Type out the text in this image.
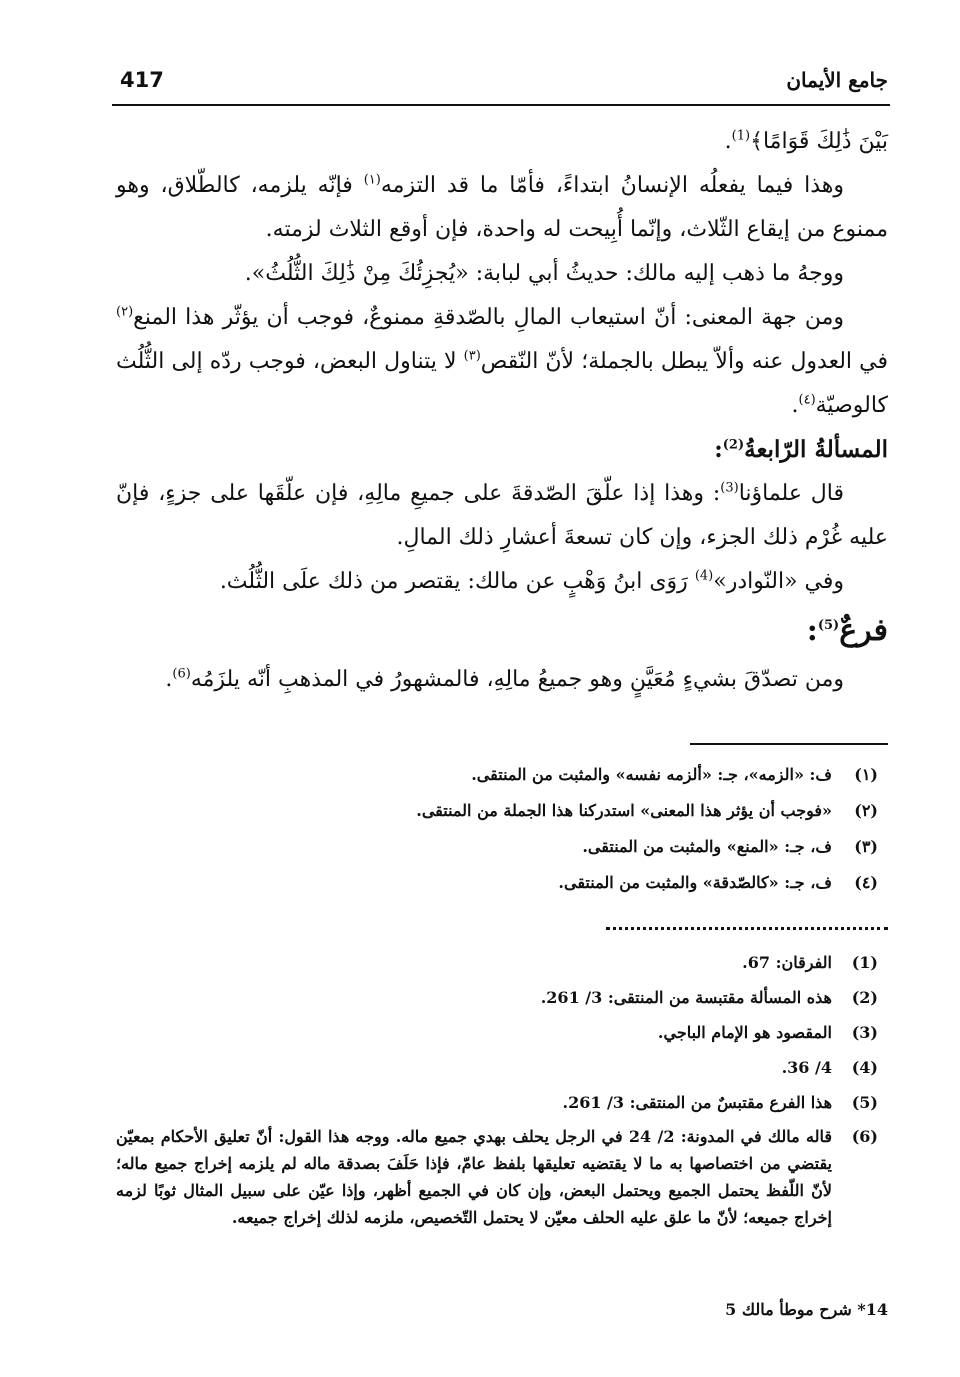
417	جامع الأيمان

بَيْنَ ذَٰلِكَ قَوَامًا﴾$^{(1)}$.

وهذا فيما يفعلُه الإنسانُ ابتداءً، فأمّا ما قد التزمه$^{(١)}$ فإنّه يلزمه، كالطّلاق، وهو ممنوع من إيقاع الثّلاث، وإنّما أُبِيحت له واحدة، فإن أوقع الثلاث لزمته.

ووجهُ ما ذهب إليه مالك: حديثُ أبي لبابة: «يُجزِئُكَ مِنْ ذَٰلِكَ الثُّلُثُ».

ومن جهة المعنى: أنّ استيعاب المالِ بالصّدقةِ ممنوعٌ، فوجب أن يؤثّر هذا المنع$^{(٢)}$ في العدول عنه وألاّ يبطل بالجملة؛ لأنّ النّقص$^{(٣)}$ لا يتناول البعض، فوجب ردّه إلى الثُّلُث كالوصيّة$^{(٤)}$.

المسألةُ الرّابعةُ$^{(2)}$:

قال علماؤنا$^{(3)}$: وهذا إذا علّقَ الصّدقةَ على جميعِ مالِهِ، فإن علّقَها على جزءٍ، فإنّ عليه غُرْم ذلك الجزء، وإن كان تسعةَ أعشارِ ذلك المالِ.

وفي «النّوادر»$^{(4)}$ رَوَى ابنُ وَهْبٍ عن مالك: يقتصر من ذلك علَى الثُّلُث.

فرعٌ$^{(5)}$:

ومن تصدّقَ بشيءٍ مُعَيَّنٍ وهو جميعُ مالِهِ، فالمشهورُ في المذهبِ أنّه يلزَمُه$^{(6)}$.

(١)
ف: «الزمه»، جـ: «ألزمه نفسه» والمثبت من المنتقى.
(٢)
«فوجب أن يؤثر هذا المعنى» استدركنا هذا الجملة من المنتقى.
(٣)
ف، جـ: «المنع» والمثبت من المنتقى.
(٤)
ف، جـ: «كالصّدقة» والمثبت من المنتقى.
(1)
الفرقان: 67.
(2)
هذه المسألة مقتبسة من المنتقى: 3/ 261.
(3)
المقصود هو الإمام الباجي.
(4)
4/ 36.
(5)
هذا الفرع مقتبسٌ من المنتقى: 3/ 261.
(6)
قاله مالك في المدونة: 2/ 24 في الرجل يحلف بهدي جميع ماله. ووجه هذا القول: أنّ تعليق الأحكام بمعيّن يقتضي من اختصاصها به ما لا يقتضيه تعليقها بلفظ عامّ، فإذا حَلَفَ بصدقة ماله لم يلزمه إخراج جميع ماله؛ لأنّ اللّفظ يحتمل الجميع ويحتمل البعض، وإن كان في الجميع أظهر، وإذا عيّن على سبيل المثال ثوبًا لزمه إخراج جميعه؛ لأنّ ما علق عليه الحلف معيّن لا يحتمل التّخصيص، ملزمه لذلك إخراج جميعه.
14* شرح موطأ مالك 5
